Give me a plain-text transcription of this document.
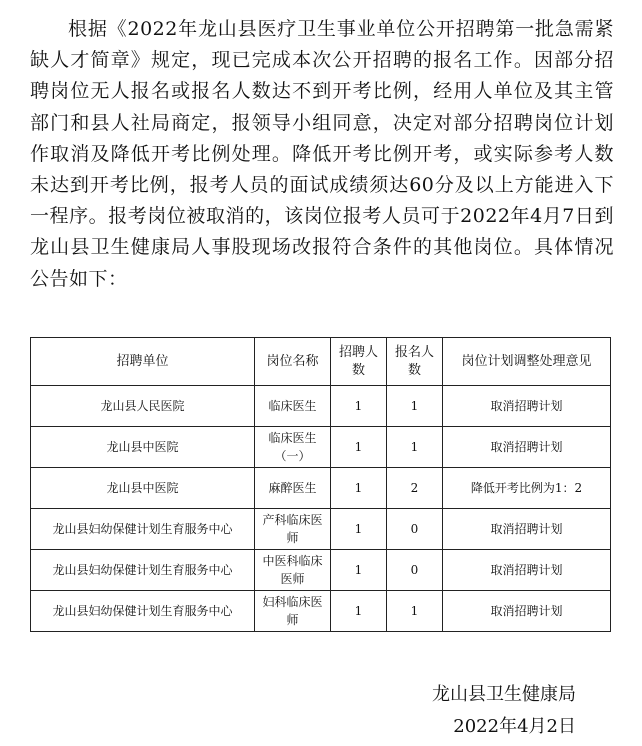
根据《2022年龙山县医疗卫生事业单位公开招聘第一批急需紧缺人才简章》规定，现已完成本次公开招聘的报名工作。因部分招聘岗位无人报名或报名人数达不到开考比例，经用人单位及其主管部门和县人社局商定，报领导小组同意，决定对部分招聘岗位计划作取消及降低开考比例处理。降低开考比例开考，或实际参考人数未达到开考比例，报考人员的面试成绩须达60分及以上方能进入下一程序。报考岗位被取消的，该岗位报考人员可于2022年4月7日到龙山县卫生健康局人事股现场改报符合条件的其他岗位。具体情况公告如下：

招聘单位	岗位名称	招聘人数	报名人数	岗位计划调整处理意见
龙山县人民医院	临床医生	1	1	取消招聘计划
龙山县中医院	临床医生（一）	1	1	取消招聘计划
龙山县中医院	麻醉医生	1	2	降低开考比例为1：2
龙山县妇幼保健计划生育服务中心	产科临床医师	1	0	取消招聘计划
龙山县妇幼保健计划生育服务中心	中医科临床医师	1	0	取消招聘计划
龙山县妇幼保健计划生育服务中心	妇科临床医师	1	1	取消招聘计划

龙山县卫生健康局

2022年4月2日
